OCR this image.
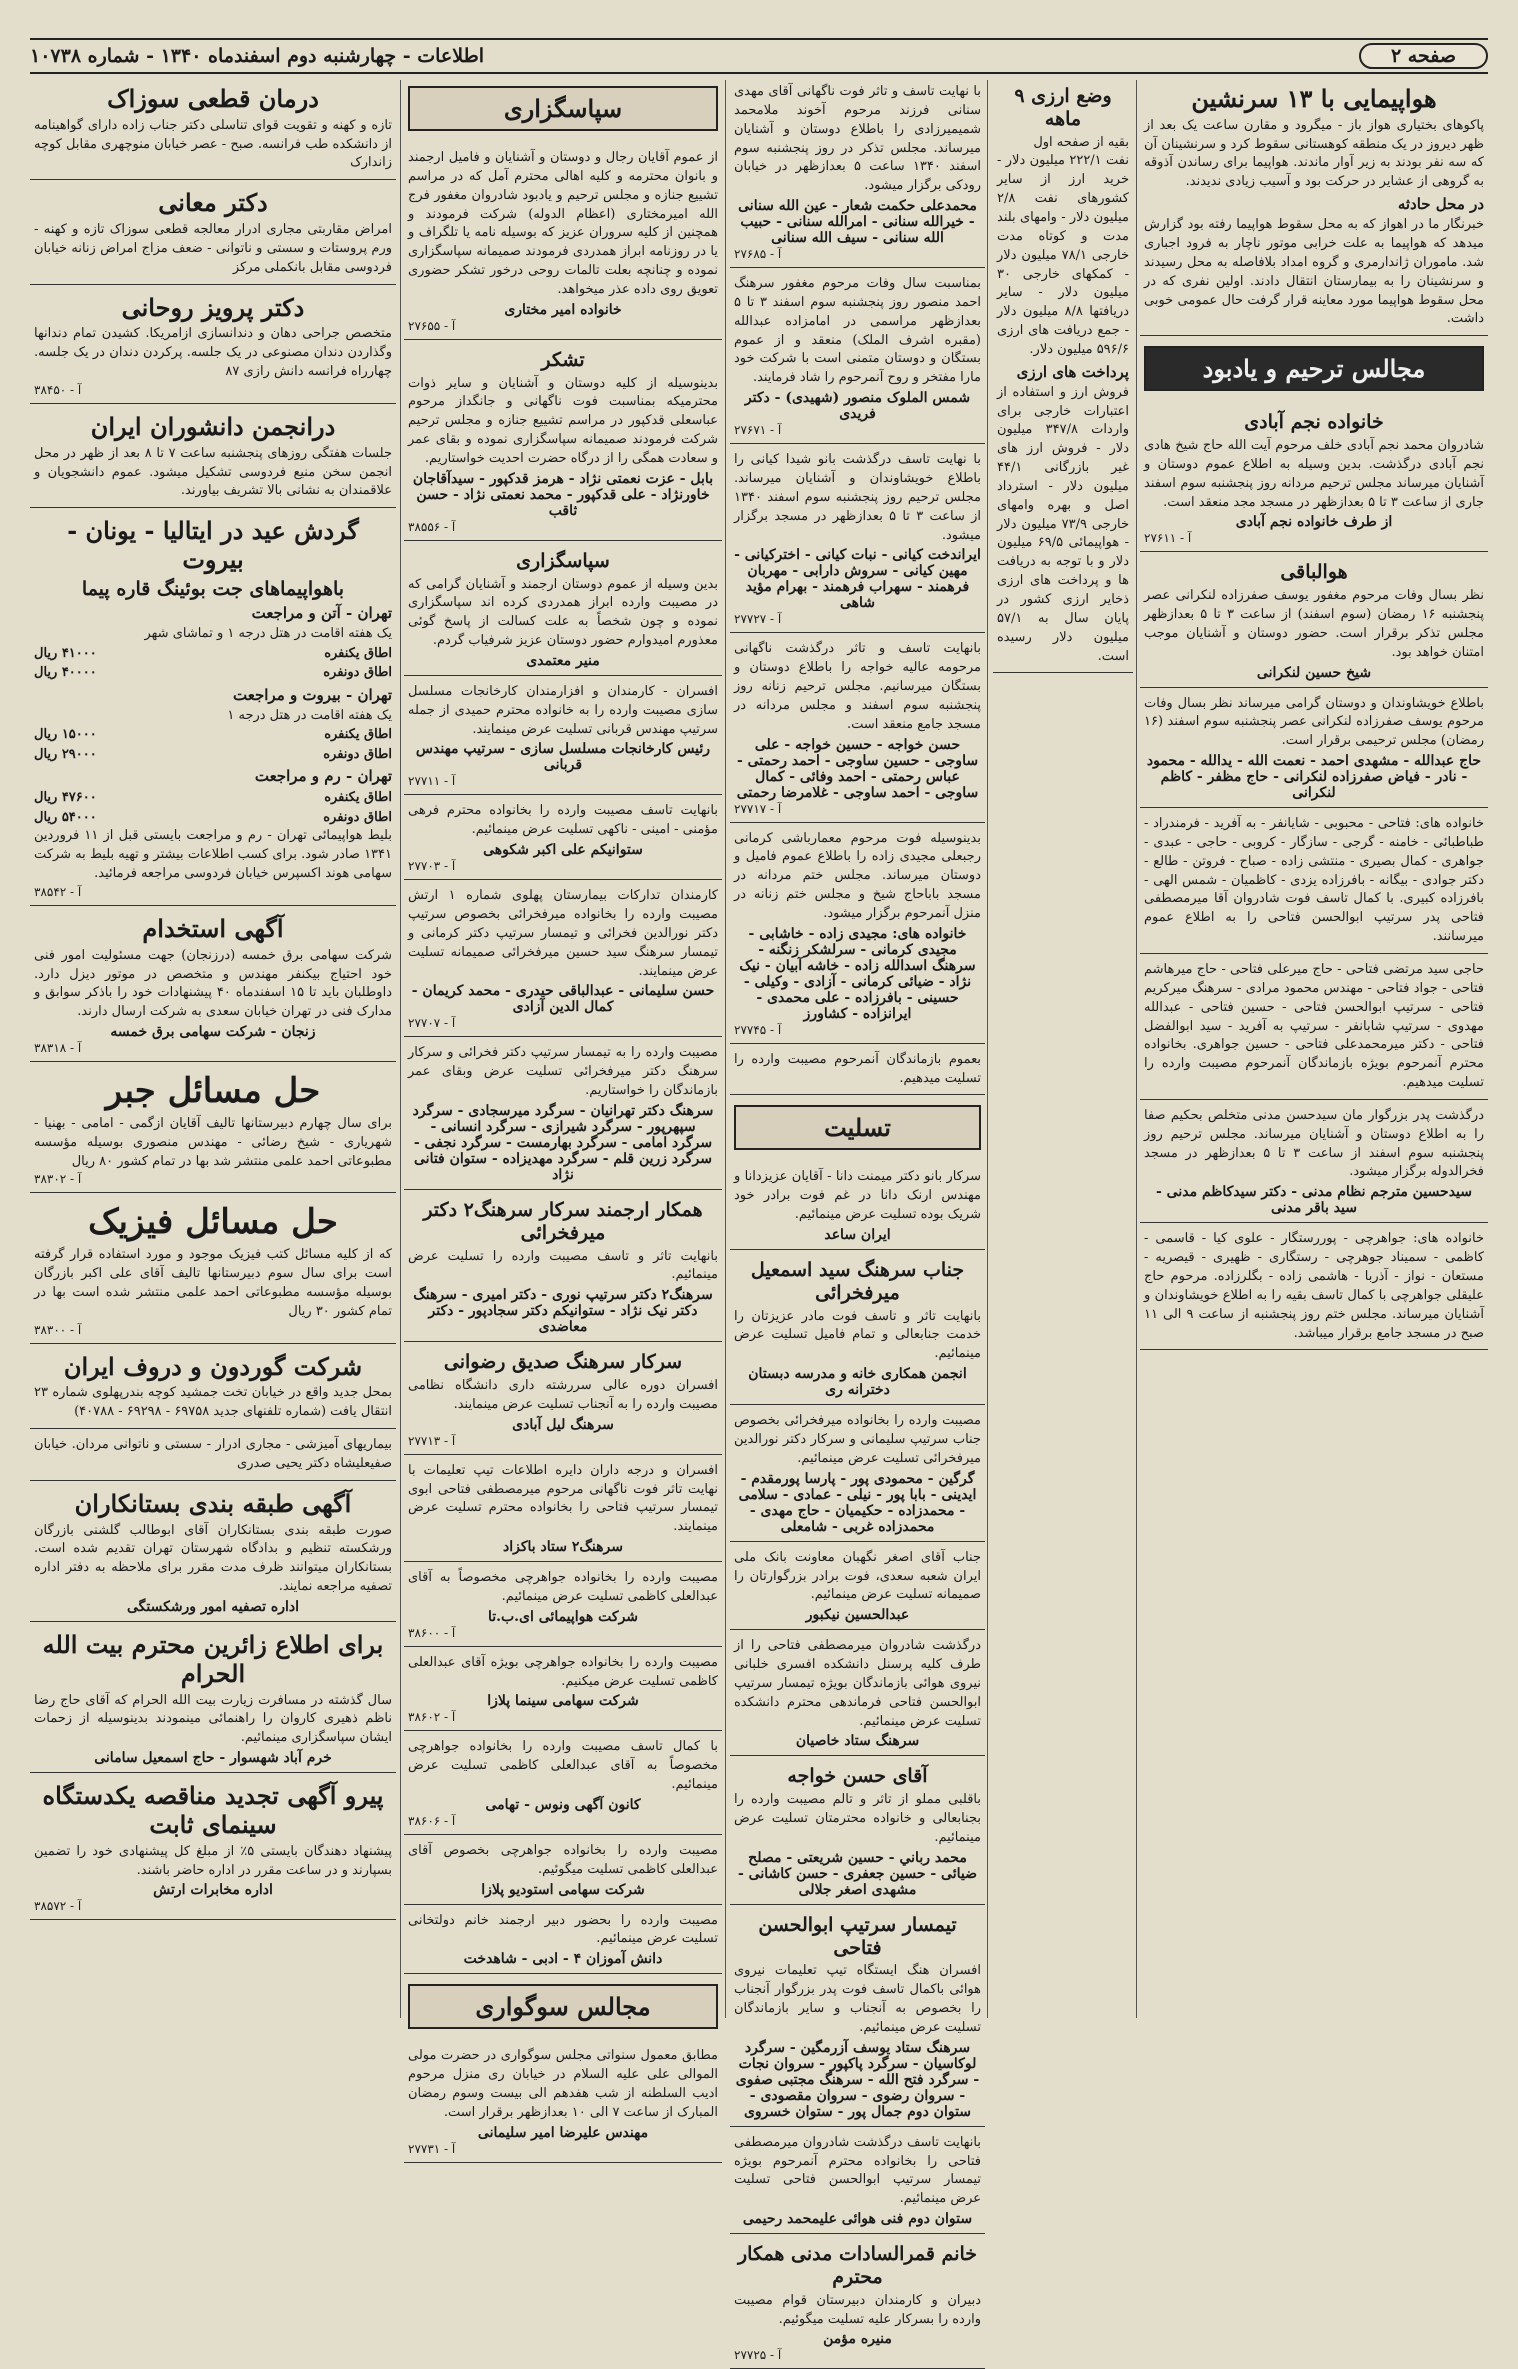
صفحه ۲
اطلاعات - چهارشنبه دوم اسفندماه ۱۳۴۰ - شماره ۱۰۷۳۸
هواپیمایی با ۱۳ سرنشین
پاکوهای بختیاری هواز باز - میگرود و مقارن ساعت یک بعد از ظهر دیروز در یک منطقه کوهستانی سقوط کرد و سرنشینان آن که سه نفر بودند به زیر آوار ماندند. هواپیما برای رساندن آذوقه به گروهی از عشایر در حرکت بود و آسیب زیادی ندیدند.
در محل حادثه
خبرنگار ما در اهواز که به محل سقوط هواپیما رفته بود گزارش میدهد که هواپیما به علت خرابی موتور ناچار به فرود اجباری شد. ماموران ژاندارمری و گروه امداد بلافاصله به محل رسیدند و سرنشینان را به بیمارستان انتقال دادند. اولین نفری که در محل سقوط هواپیما مورد معاینه قرار گرفت حال عمومی خوبی داشت.
مجالس ترحیم و یادبود
خانواده نجم آبادی
شادروان محمد نجم آبادی خلف مرحوم آیت الله حاج شیخ هادی نجم آبادی درگذشت. بدین وسیله به اطلاع عموم دوستان و آشنایان میرساند مجلس ترحیم مردانه روز پنجشنبه سوم اسفند جاری از ساعت ۳ تا ۵ بعدازظهر در مسجد مجد منعقد است.
از طرف خانواده نجم آبادی
آ - ۲۷۶۱۱
هوالباقی
نظر بسال وفات مرحوم مغفور یوسف صفرزاده لنکرانی عصر پنجشنبه ۱۶ رمضان (سوم اسفند) از ساعت ۳ تا ۵ بعدازظهر مجلس تذکر برقرار است. حضور دوستان و آشنایان موجب امتنان خواهد بود.
شیخ حسین لنکرانی
باطلاع خویشاوندان و دوستان گرامی میرساند نظر بسال وفات مرحوم یوسف صفرزاده لنکرانی عصر پنجشنبه سوم اسفند (۱۶ رمضان) مجلس ترحیمی برقرار است.
حاج عبدالله - مشهدی احمد - نعمت الله - یدالله - محمود - نادر - فیاض صفرزاده لنکرانی - حاج مظفر - کاظم لنکرانی
خانواده های: فتاحی - محبوبی - شایانفر - به آفرید - فرمندراد - طباطبائی - خامنه - گرجی - سازگار - کروبی - حاجی - عبدی - جواهری - کمال بصیری - منتشی زاده - صباح - فروتن - طالع - دکتر جوادی - بیگانه - بافرزاده یزدی - کاظمیان - شمس الهی - بافرزاده کبیری. با کمال تاسف فوت شادروان آقا میرمصطفی فتاحی پدر سرتیپ ابوالحسن فتاحی را به اطلاع عموم میرسانند.
حاجی سید مرتضی فتاحی - حاج میرعلی فتاحی - حاج میرهاشم فتاحی - جواد فتاحی - مهندس محمود مرادی - سرهنگ میرکریم فتاحی - سرتیپ ابوالحسن فتاحی - حسین فتاحی - عبدالله مهدوی - سرتیپ شابانفر - سرتیپ به آفرید - سید ابوالفضل فتاحی - دکتر میرمحمدعلی فتاحی - حسین جواهری. بخانواده محترم آنمرحوم بویژه بازماندگان آنمرحوم مصیبت وارده را تسلیت میدهیم.
درگذشت پدر بزرگوار مان سیدحسن مدنی متخلص بحکیم صفا را به اطلاع دوستان و آشنایان میرساند. مجلس ترحیم روز پنجشنبه سوم اسفند از ساعت ۳ تا ۵ بعدازظهر در مسجد فخرالدوله برگزار میشود.
سیدحسین مترجم نظام مدنی - دکتر سیدکاظم مدنی - سید باقر مدنی
خانواده های: جواهرچی - پوررستگار - علوی کیا - قاسمی - کاظمی - سمیناد جوهرچی - رستگاری - ظهیری - قیصریه - مستعان - نواز - آذربا - هاشمی زاده - بگلرزاده. مرحوم حاج علیقلی جواهرچی با کمال تاسف بقیه را به اطلاع خویشاوندان و آشنایان میرساند. مجلس ختم روز پنجشنبه از ساعت ۹ الی ۱۱ صبح در مسجد جامع برقرار میباشد.
وضع ارزی ۹ ماهه
بقیه از صفحه اول
نفت ۲۲۲/۱ میلیون دلار - خرید ارز از سایر کشورهای نفت ۲/۸ میلیون دلار - وامهای بلند مدت و کوتاه مدت خارجی ۷۸/۱ میلیون دلار - کمکهای خارجی ۳۰ میلیون دلار - سایر دریافتها ۸/۸ میلیون دلار - جمع دریافت های ارزی ۵۹۶/۶ میلیون دلار.
پرداخت های ارزی
فروش ارز و استفاده از اعتبارات خارجی برای واردات ۳۴۷/۸ میلیون دلار - فروش ارز های غیر بازرگانی ۴۴/۱ میلیون دلار - استرداد اصل و بهره وامهای خارجی ۷۳/۹ میلیون دلار - هواپیمائی ۶۹/۵ میلیون دلار و با توجه به دریافت ها و پرداخت های ارزی ذخایر ارزی کشور در پایان سال به ۵۷/۱ میلیون دلار رسیده است.
با نهایت تاسف و تاثر فوت ناگهانی آقای مهدی سنانی فرزند مرحوم آخوند ملامحمد شمیمیرزادی را باطلاع دوستان و آشنایان میرساند. مجلس تذکر در روز پنجشنبه سوم اسفند ۱۳۴۰ ساعت ۵ بعدازظهر در خیابان رودکی برگزار میشود.
محمدعلی حکمت شعار - عین الله سنانی - خیرالله سنانی - امرالله سنانی - حبیب الله سنانی - سیف الله سنانی
آ - ۲۷۶۸۵
بمناسبت سال وفات مرحوم مغفور سرهنگ احمد منصور روز پنجشنبه سوم اسفند ۳ تا ۵ بعدازظهر مراسمی در امامزاده عبدالله (مقبره اشرف الملک) منعقد و از عموم بستگان و دوستان متمنی است با شرکت خود مارا مفتخر و روح آنمرحوم را شاد فرمایند.
شمس الملوک منصور (شهیدی) - دکتر فریدی
آ - ۲۷۶۷۱
با نهایت تاسف درگذشت بانو شیدا کیانی را باطلاع خویشاوندان و آشنایان میرساند. مجلس ترحیم روز پنجشنبه سوم اسفند ۱۳۴۰ از ساعت ۳ تا ۵ بعدازظهر در مسجد برگزار میشود.
ایراندخت کیانی - نبات کیانی - اخترکیانی - مهین کیانی - سروش دارابی - مهربان فرهمند - سهراب فرهمند - بهرام مؤید شاهی
آ - ۲۷۷۲۷
بانهایت تاسف و تاثر درگذشت ناگهانی مرحومه عالیه خواجه را باطلاع دوستان و بستگان میرسانیم. مجلس ترحیم زنانه روز پنجشنبه سوم اسفند و مجلس مردانه در مسجد جامع منعقد است.
حسن خواجه - حسین خواجه - علی ساوجی - حسین ساوجی - احمد رحمتی - عباس رحمتی - احمد وفائی - کمال ساوجی - احمد ساوجی - غلامرضا رحمتی
آ - ۲۷۷۱۷
بدینوسیله فوت مرحوم معمارباشی کرمانی رجبعلی مجیدی زاده را باطلاع عموم فامیل و دوستان میرساند. مجلس ختم مردانه در مسجد باباحاج شیخ و مجلس ختم زنانه در منزل آنمرحوم برگزار میشود.
خانواده های: مجیدی زاده - خاشابی - مجیدی کرمانی - سرلشکر زنگنه - سرهنگ اسدالله زاده - خاشه آبیان - نیک نژاد - ضیائی کرمانی - آزادی - وکیلی - حسینی - بافرزاده - علی محمدی - ایرانزاده - کشاورز
آ - ۲۷۷۴۵
بعموم بازماندگان آنمرحوم مصیبت وارده را تسلیت میدهیم.
تسلیت
سرکار بانو دکتر میمنت دانا - آقایان عزیزدانا و مهندس ارنک دانا در غم فوت برادر خود شریک بوده تسلیت عرض مینمائیم.
ایران ساعد
جناب سرهنگ سید اسمعیل میرفخرائی
بانهایت تاثر و تاسف فوت مادر عزیزتان را خدمت جنابعالی و تمام فامیل تسلیت عرض مینمائیم.
انجمن همکاری خانه و مدرسه دبستان دخترانه ری
مصیبت وارده را بخانواده میرفخرائی بخصوص جناب سرتیپ سلیمانی و سرکار دکتر نورالدین میرفخرائی تسلیت عرض مینمائیم.
گرگین - محمودی پور - پارسا پورمقدم - ایدینی - بابا پور - نیلی - عمادی - سلامی - محمدزاده - حکیمیان - حاج مهدی - محمدزاده غربی - شامعلی
جناب آقای اصغر نگهبان معاونت بانک ملی ایران شعبه سعدی، فوت برادر بزرگوارتان را صمیمانه تسلیت عرض مینمائیم.
عبدالحسین نیکبور
درگذشت شادروان میرمصطفی فتاحی را از طرف کلیه پرسنل دانشکده افسری خلبانی نیروی هوائی بازماندگان بویژه تیمسار سرتیپ ابوالحسن فتاحی فرماندهی محترم دانشکده تسلیت عرض مینمائیم.
سرهنگ ستاد خاصیان
آقای حسن خواجه
باقلبی مملو از تاثر و تالم مصیبت وارده را بجنابعالی و خانواده محترمتان تسلیت عرض مینمائیم.
محمد رباني - حسین شریعتی - مصلح ضیائی - حسین جعفری - حسن کاشانی - مشهدی اصغر جلالی
تیمسار سرتیپ ابوالحسن فتاحی
افسران هنگ ایستگاه تیپ تعلیمات نیروی هوائی باکمال تاسف فوت پدر بزرگوار آنجناب را بخصوص به آنجناب و سایر بازماندگان تسلیت عرض مینمائیم.
سرهنگ ستاد یوسف آزرمگین - سرگرد لوکاسیان - سرگرد پاکپور - سروان نجات - سرگرد فتح الله - سرهنگ مجتبی صفوی - سروان رضوی - سروان مقصودی - ستوان دوم جمال پور - ستوان خسروی
بانهایت تاسف درگذشت شادروان میرمصطفی فتاحی را بخانواده محترم آنمرحوم بویژه تیمسار سرتیپ ابوالحسن فتاحی تسلیت عرض مینمائیم.
ستوان دوم فنی هوائی علیمحمد رحیمی
خانم قمرالسادات مدنی همکار محترم
دبیران و کارمندان دبیرستان قوام مصیبت وارده را بسرکار علیه تسلیت میگوئیم.
منیره مؤمن
آ - ۲۷۷۲۵
سپاسگزاری
از عموم آقایان رجال و دوستان و آشنایان و فامیل ارجمند و بانوان محترمه و کلیه اهالی محترم آمل که در مراسم تشییع جنازه و مجلس ترحیم و یادبود شادروان مغفور فرج الله امیرمختاری (اعظام الدوله) شرکت فرمودند و همچنین از کلیه سروران عزیز که بوسیله نامه یا تلگراف و یا در روزنامه ابراز همدردی فرمودند صمیمانه سپاسگزاری نموده و چنانچه بعلت تالمات روحی درخور تشکر حضوری تعویق روی داده عذر میخواهد.
خانواده امیر مختاری
آ - ۲۷۶۵۵
تشکر
بدینوسیله از کلیه دوستان و آشنایان و سایر ذوات محترمیکه بمناسبت فوت ناگهانی و جانگداز مرحوم عباسعلی قدکپور در مراسم تشییع جنازه و مجلس ترحیم شرکت فرمودند صمیمانه سپاسگزاری نموده و بقای عمر و سعادت همگی را از درگاه حضرت احدیت خواستاریم.
بابل - عزت نعمتی نژاد - هرمز قدکپور - سیدآقاجان خاورنژاد - علی قدکپور - محمد نعمتی نژاد - حسن ثاقب
آ - ۳۸۵۵۶
سپاسگزاری
بدین وسیله از عموم دوستان ارجمند و آشنایان گرامی که در مصیبت وارده ابراز همدردی کرده اند سپاسگزاری نموده و چون شخصاً به علت کسالت از پاسخ گوئی معذورم امیدوارم حضور دوستان عزیز شرفیاب گردم.
منیر معتمدی
افسران - کارمندان و افزارمندان کارخانجات مسلسل سازی مصیبت وارده را به خانواده محترم حمیدی از جمله سرتیپ مهندس قربانی تسلیت عرض مینمایند.
رئیس کارخانجات مسلسل سازی - سرتیپ مهندس قربانی
آ - ۲۷۷۱۱
بانهایت تاسف مصیبت وارده را بخانواده محترم فرهی مؤمنی - امینی - ناکهی تسلیت عرض مینمائیم.
ستوانیکم علی اکبر شکوهی
آ - ۲۷۷۰۳
کارمندان تدارکات بیمارستان پهلوی شماره ۱ ارتش مصیبت وارده را بخانواده میرفخرائی بخصوص سرتیپ دکتر نورالدین فخرائی و تیمسار سرتیپ دکتر کرمانی و تیمسار سرهنگ سید حسین میرفخرائی صمیمانه تسلیت عرض مینمایند.
حسن سلیمانی - عبدالباقی حیدری - محمد کریمان - کمال الدین آزادی
آ - ۲۷۷۰۷
مصیبت وارده را به تیمسار سرتیپ دکتر فخرائی و سرکار سرهنگ دکتر میرفخرائی تسلیت عرض وبقای عمر بازماندگان را خواستاریم.
سرهنگ دکتر تهرانیان - سرگرد میرسجادی - سرگرد سپهرپور - سرگرد شیرازی - سرگرد انسانی - سرگرد امامی - سرگرد بهارمست - سرگرد نجفی - سرگرد زرین قلم - سرگرد مهدیزاده - ستوان فتانی نژاد
همکار ارجمند سرکار سرهنگ۲ دکتر میرفخرائی
بانهایت تاثر و تاسف مصیبت وارده را تسلیت عرض مینمائیم.
سرهنگ۲ دکتر سرتیپ نوری - دکتر امیری - سرهنگ دکتر نیک نژاد - ستوانیکم دکتر سجادپور - دکتر معاضدی
سرکار سرهنگ صدیق رضوانی
افسران دوره عالی سررشته داری دانشگاه نظامی مصیبت وارده را به آنجناب تسلیت عرض مینمایند.
سرهنگ لیل آبادی
آ - ۲۷۷۱۳
افسران و درجه داران دایره اطلاعات تیپ تعلیمات با نهایت تاثر فوت ناگهانی مرحوم میرمصطفی فتاحی ابوی تیمسار سرتیپ فتاحی را بخانواده محترم تسلیت عرض مینمایند.
سرهنگ۲ ستاد باکزاد
مصیبت وارده را بخانواده جواهرچی مخصوصاً به آقای عبدالعلی کاظمی تسلیت عرض مینمائیم.
شرکت هواپیمائی ای.ب.تا
آ - ۳۸۶۰۰
مصیبت وارده را بخانواده جواهرچی بویژه آقای عبدالعلی کاظمی تسلیت عرض میکنیم.
شرکت سهامی سینما پلازا
آ - ۳۸۶۰۲
با کمال تاسف مصیبت وارده را بخانواده جواهرچی مخصوصاً به آقای عبدالعلی کاظمی تسلیت عرض مینمائیم.
کانون آگهی ونوس - تهامی
آ - ۳۸۶۰۶
مصیبت وارده را بخانواده جواهرچی بخصوص آقای عبدالعلی کاظمی تسلیت میگوئیم.
شرکت سهامی استودیو پلازا
مصیبت وارده را بحضور دبیر ارجمند خانم دولتخانی تسلیت عرض مینمائیم.
دانش آموزان ۴ - ادبی - شاهدخت
مجالس سوگواری
مطابق معمول سنواتی مجلس سوگواری در حضرت مولی الموالی علی علیه السلام در خیابان ری منزل مرحوم ادیب السلطنه از شب هفدهم الی بیست وسوم رمضان المبارک از ساعت ۷ الی ۱۰ بعدازظهر برقرار است.
مهندس علیرضا امیر سلیمانی
آ - ۲۷۷۳۱
درمان قطعی سوزاک
تازه و کهنه و تقویت قوای تناسلی دکتر جناب زاده دارای گواهینامه از دانشکده طب فرانسه. صبح - عصر خیابان منوچهری مقابل کوچه زاندارک
دکتر معانی
امراض مقاربتی مجاری ادرار معالجه قطعی سوزاک تازه و کهنه - ورم پروستات و سستی و ناتوانی - ضعف مزاج امراض زنانه خیابان فردوسی مقابل بانکملی مرکز
دکتر پرویز روحانی
متخصص جراحی دهان و دندانسازی ازامریکا. کشیدن تمام دندانها وگذاردن دندان مصنوعی در یک جلسه. پرکردن دندان در یک جلسه. چهارراه فرانسه دانش رازی ۸۷
آ - ۳۸۴۵۰
درانجمن دانشوران ایران
جلسات هفتگی روزهای پنجشنبه ساعت ۷ تا ۸ بعد از ظهر در محل انجمن سخن منیع فردوسی تشکیل میشود. عموم دانشجویان و علاقمندان به نشانی بالا تشریف بیاورند.
گردش عید در ایتالیا - یونان - بیروت
باهواپیماهای جت بوئینگ قاره پیما
تهران - آتن و مراجعت
یک هفته اقامت در هتل درجه ۱ و تماشای شهر
اطاق یکنفره
۴۱۰۰۰ ریال
اطاق دونفره
۴۰۰۰۰ ریال
تهران - بیروت و مراجعت
یک هفته اقامت در هتل درجه ۱
اطاق یکنفره
۱۵۰۰۰ ریال
اطاق دونفره
۲۹۰۰۰ ریال
تهران - رم و مراجعت
اطاق یکنفره
۴۷۶۰۰ ریال
اطاق دونفره
۵۴۰۰۰ ریال
بلیط هواپیمائی تهران - رم و مراجعت بایستی قبل از ۱۱ فروردین ۱۳۴۱ صادر شود. برای کسب اطلاعات بیشتر و تهیه بلیط به شرکت سهامی هوند اکسپرس خیابان فردوسی مراجعه فرمائید.
آ - ۳۸۵۴۲
آگهی استخدام
شرکت سهامی برق خمسه (درزنجان) جهت مسئولیت امور فنی خود احتیاج بیکنفر مهندس و متخصص در موتور دیزل دارد. داوطلبان باید تا ۱۵ اسفندماه ۴۰ پیشنهادات خود را باذکر سوابق و مدارک فنی در تهران خیابان سعدی به شرکت ارسال دارند.
زنجان - شرکت سهامی برق خمسه
آ - ۳۸۳۱۸
حل مسائل جبر
برای سال چهارم دبیرستانها تالیف آقایان ازگمی - امامی - بهنیا - شهریاری - شیخ رضائی - مهندس منصوری بوسیله مؤسسه مطبوعاتی احمد علمی منتشر شد بها در تمام کشور ۸۰ ریال
آ - ۳۸۳۰۲
حل مسائل فیزیک
که از کلیه مسائل کتب فیزیک موجود و مورد استفاده قرار گرفته است برای سال سوم دبیرستانها تالیف آقای علی اکبر بازرگان بوسیله مؤسسه مطبوعاتی احمد علمی منتشر شده است بها در تمام کشور ۳۰ ریال
آ - ۳۸۳۰۰
شرکت گوردون و دروف ایران
بمحل جدید واقع در خیابان تخت جمشید کوچه بندرپهلوی شماره ۲۳ انتقال یافت (شماره تلفنهای جدید ۶۹۷۵۸ - ۶۹۲۹۸ - ۴۰۷۸۸)
بیماریهای آمیزشی - مجاری ادرار - سستی و ناتوانی مردان. خیابان صفیعلیشاه دکتر یحیی صدری
آگهی طبقه بندی بستانکاران
صورت طبقه بندی بستانکاران آقای ابوطالب گلشنی بازرگان ورشکسته تنظیم و بدادگاه شهرستان تهران تقدیم شده است. بستانکاران میتوانند ظرف مدت مقرر برای ملاحظه به دفتر اداره تصفیه مراجعه نمایند.
اداره تصفیه امور ورشکستگی
برای اطلاع زائرین محترم بیت الله الحرام
سال گذشته در مسافرت زیارت بیت الله الحرام که آقای حاج رضا ناظم ذهیری کاروان را راهنمائی مینمودند بدینوسیله از زحمات ایشان سپاسگزاری مینمائیم.
خرم آباد شهسوار - حاج اسمعیل سامانی
پیرو آگهی تجدید مناقصه یکدستگاه سینمای ثابت
پیشنهاد دهندگان بایستی ۵٪ از مبلغ کل پیشنهادی خود را تضمین بسپارند و در ساعت مقرر در اداره حاضر باشند.
اداره مخابرات ارتش
آ - ۳۸۵۷۲
